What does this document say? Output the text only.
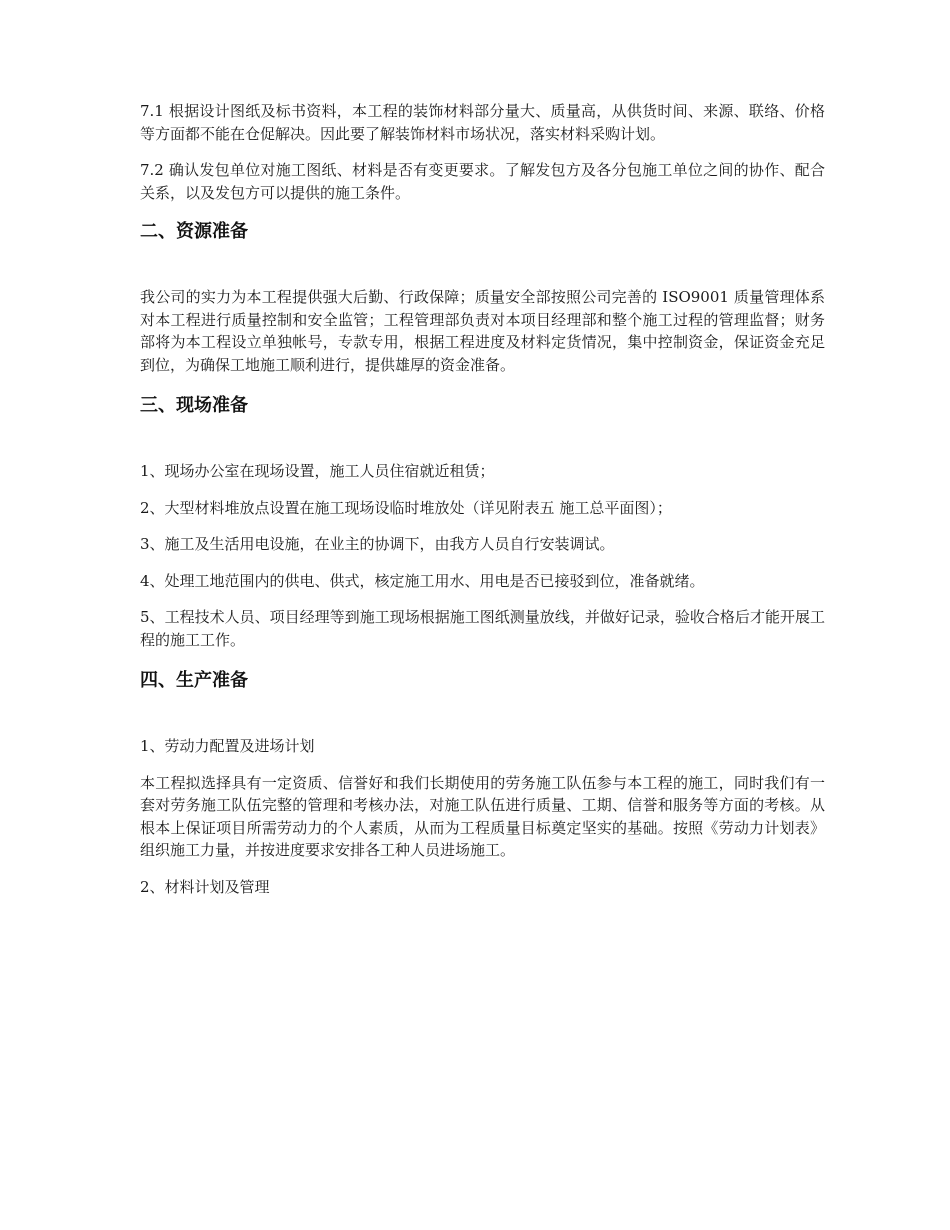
7.1 根据设计图纸及标书资料，本工程的装饰材料部分量大、质量高，从供货时间、来源、联络、价格等方面都不能在仓促解决。因此要了解装饰材料市场状况，落实材料采购计划。

7.2 确认发包单位对施工图纸、材料是否有变更要求。了解发包方及各分包施工单位之间的协作、配合关系，以及发包方可以提供的施工条件。

二、资源准备

我公司的实力为本工程提供强大后勤、行政保障；质量安全部按照公司完善的 ISO9001 质量管理体系对本工程进行质量控制和安全监管；工程管理部负责对本项目经理部和整个施工过程的管理监督；财务部将为本工程设立单独帐号，专款专用，根据工程进度及材料定货情况，集中控制资金，保证资金充足到位，为确保工地施工顺利进行，提供雄厚的资金准备。

三、现场准备

1、现场办公室在现场设置，施工人员住宿就近租赁；

2、大型材料堆放点设置在施工现场设临时堆放处（详见附表五 施工总平面图）；

3、施工及生活用电设施，在业主的协调下，由我方人员自行安装调试。

4、处理工地范围内的供电、供式，核定施工用水、用电是否已接驳到位，准备就绪。

5、工程技术人员、项目经理等到施工现场根据施工图纸测量放线，并做好记录，验收合格后才能开展工程的施工工作。

四、生产准备

1、劳动力配置及进场计划

本工程拟选择具有一定资质、信誉好和我们长期使用的劳务施工队伍参与本工程的施工，同时我们有一套对劳务施工队伍完整的管理和考核办法，对施工队伍进行质量、工期、信誉和服务等方面的考核。从根本上保证项目所需劳动力的个人素质，从而为工程质量目标奠定坚实的基础。按照《劳动力计划表》组织施工力量，并按进度要求安排各工种人员进场施工。

2、材料计划及管理
